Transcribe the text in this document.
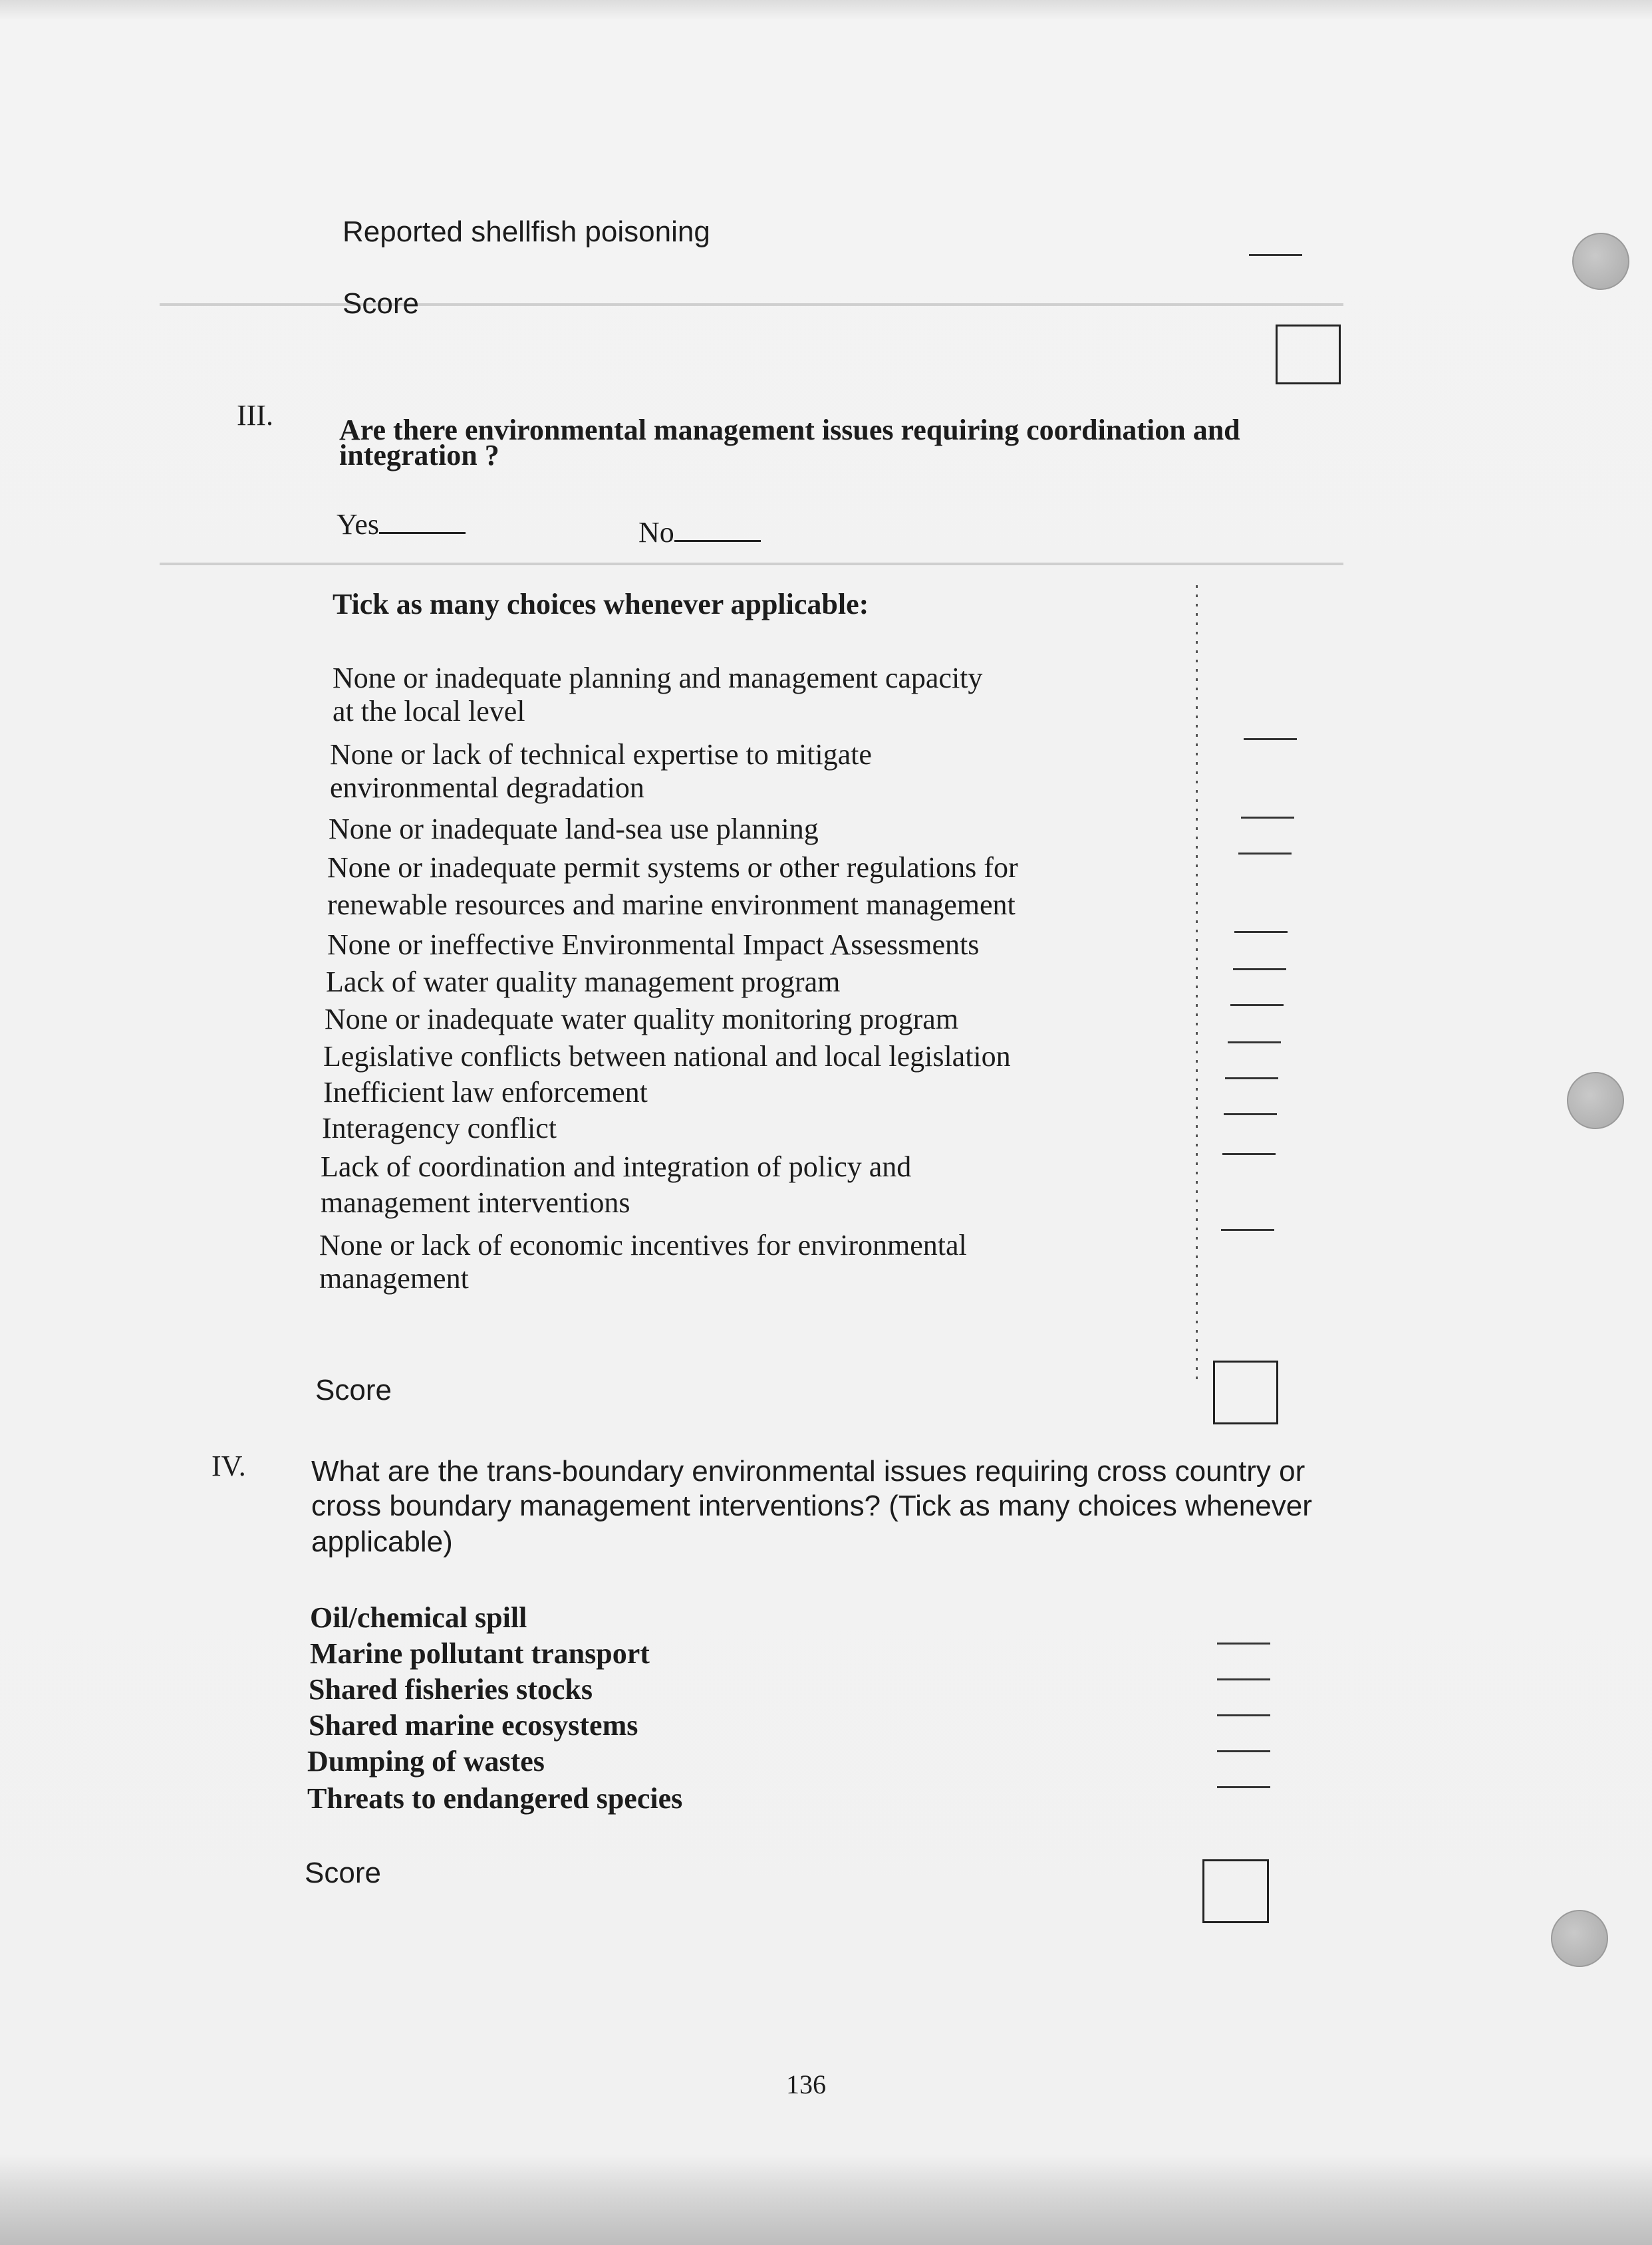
Reported shellfish poisoning
Score
III. Are there environmental management issues requiring coordination and
integration ?
Yes	No
Tick as many choices whenever applicable:
None or inadequate planning and management capacity
at the local level
None or lack of technical expertise to mitigate
environmental degradation
None or inadequate land-sea use planning
None or inadequate permit systems or other regulations for
renewable resources and marine environment management
None or ineffective Environmental Impact Assessments
Lack of water quality management program
None or inadequate water quality monitoring program
Legislative conflicts between national and local legislation
Inefficient law enforcement
Interagency conflict
Lack of coordination and integration of policy and
management interventions
None or lack of economic incentives for environmental
management
Score
IV. What are the trans-boundary environmental issues requiring cross country or
cross boundary management interventions? (Tick as many choices whenever
applicable)
Oil/chemical spill
Marine pollutant transport
Shared fisheries stocks
Shared marine ecosystems
Dumping of wastes
Threats to endangered species
Score
136
